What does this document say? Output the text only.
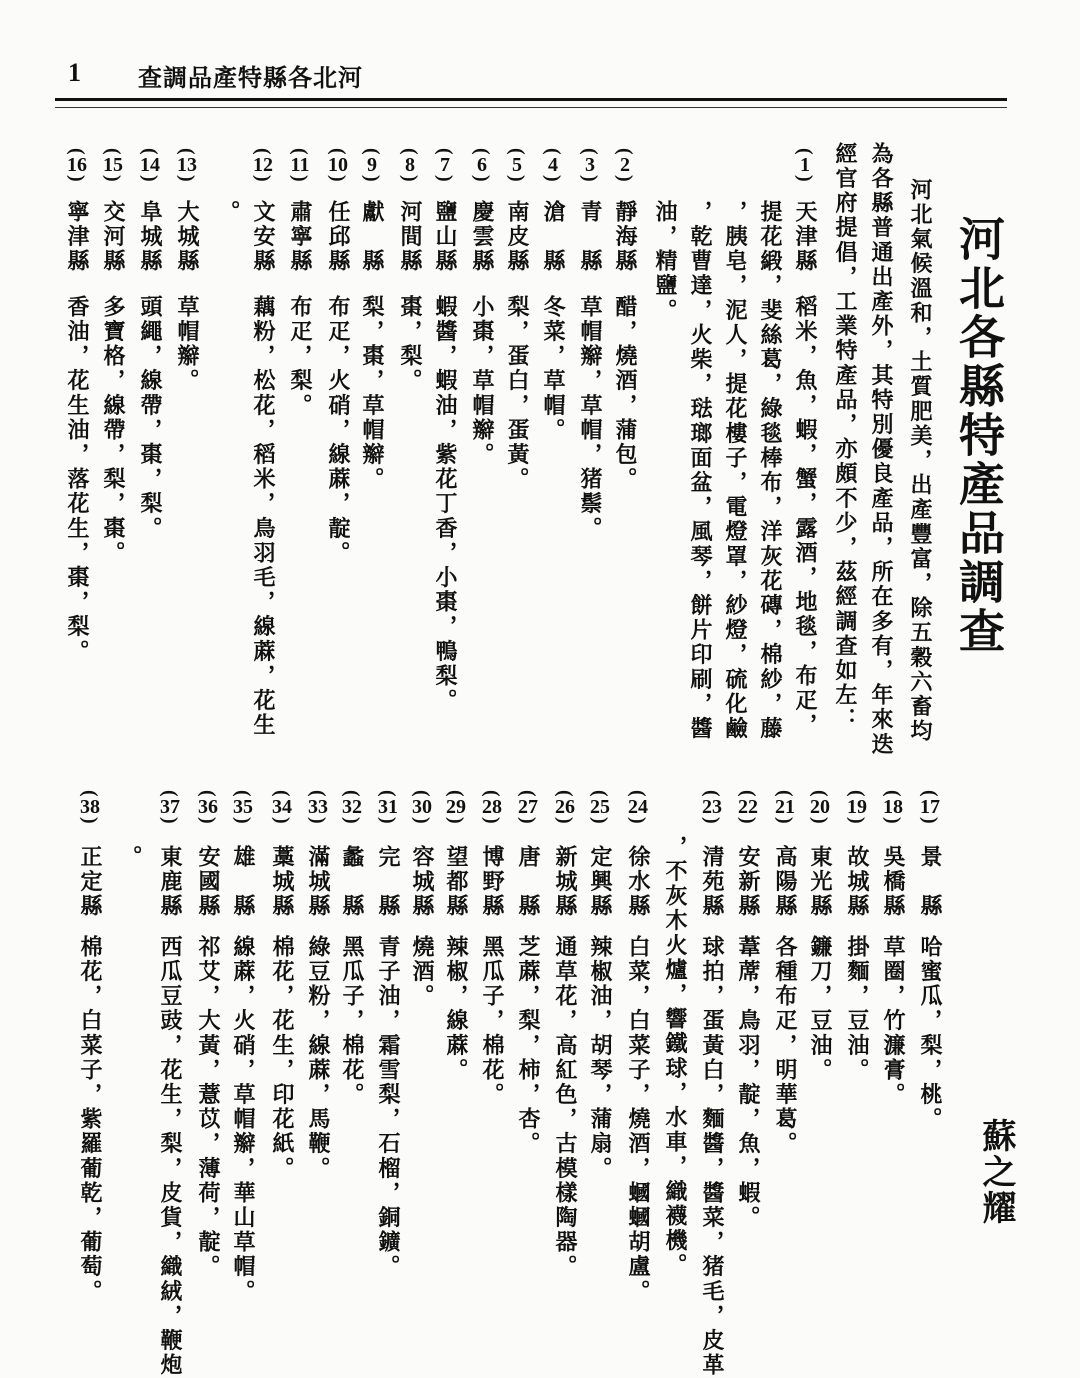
1 河北各縣特產品調查
河北各縣特產品調查
蘇之耀
河北氣候溫和，土質肥美，出產豐富，除五穀六畜均
為各縣普通出產外，其特別優良產品，所在多有，年來迭
經官府提倡，工業特產品，亦頗不少，茲經調查如左：
( 1 )
天津縣
稻米，魚，蝦，蟹，露酒，地毯，布疋，
提花緞，斐絲葛，綠毯棒布，洋灰花磚，棉紗，藤
，胰皂，泥人，提花樓子，電燈罩，紗燈，硫化鹼
，乾曹達，火柴，琺瑯面盆，風琴，餅片印刷，醬
油，精鹽。
( 2 )
靜海縣
醋，燒酒，蒲包。
( 3 )
青　縣
草帽辮，草帽，猪鬃。
( 4 )
滄　縣
冬菜，草帽。
( 5 )
南皮縣
梨，蛋白，蛋黃。
( 6 )
慶雲縣
小棗，草帽辮。
( 7 )
鹽山縣
蝦醬，蝦油，紫花丁香，小棗，鴨梨。
( 8 )
河間縣
棗，梨。
( 9 )
獻　縣
梨，棗，草帽辮。
( 10 )
任邱縣
布疋，火硝，線蔴，靛。
( 11 )
肅寧縣
布疋，梨。
( 12 )
文安縣
藕粉，松花，稻米，鳥羽毛，線蔴，花生
。
( 13 )
大城縣
草帽辮。
( 14 )
阜城縣
頭繩，線帶，棗，梨。
( 15 )
交河縣
多寶格，線帶，梨，棗。
( 16 )
寧津縣
香油，花生油，落花生，棗，梨。
( 17 )
景　縣
哈蜜瓜，梨，桃。
( 18 )
吳橋縣
草圈，竹濂膏。
( 19 )
故城縣
掛麵，豆油。
( 20 )
東光縣
鐮刀，豆油。
( 21 )
高陽縣
各種布疋，明華葛。
( 22 )
安新縣
葦蓆，鳥羽，靛，魚，蝦。
( 23 )
清苑縣
球拍，蛋黃白，麵醬，醬菜，猪毛，皮革
，不灰木火爐，響鐵球，水車，織襪機。
( 24 )
徐水縣
白菜，白菜子，燒酒，蟈蟈胡盧。
( 25 )
定興縣
辣椒油，胡琴，蒲扇。
( 26 )
新城縣
通草花，高紅色，古模樣陶器。
( 27 )
唐　縣
芝蔴，梨，柿，杏。
( 28 )
博野縣
黑瓜子，棉花。
( 29 )
望都縣
辣椒，線蔴。
( 30 )
容城縣
燒酒。
( 31 )
完　縣
青子油，霜雪梨，石榴，銅鑛。
( 32 )
蠡　縣
黑瓜子，棉花。
( 33 )
滿城縣
綠豆粉，線蔴，馬鞭。
( 34 )
藁城縣
棉花，花生，印花紙。
( 35 )
雄　縣
線蔴，火硝，草帽辮，華山草帽。
( 36 )
安國縣
祁艾，大黃，薏苡，薄荷，靛。
( 37 )
東鹿縣
西瓜豆豉，花生，梨，皮貨，織絨，鞭炮
。
( 38 )
正定縣
棉花，白菜子，紫羅葡乾，葡萄。
